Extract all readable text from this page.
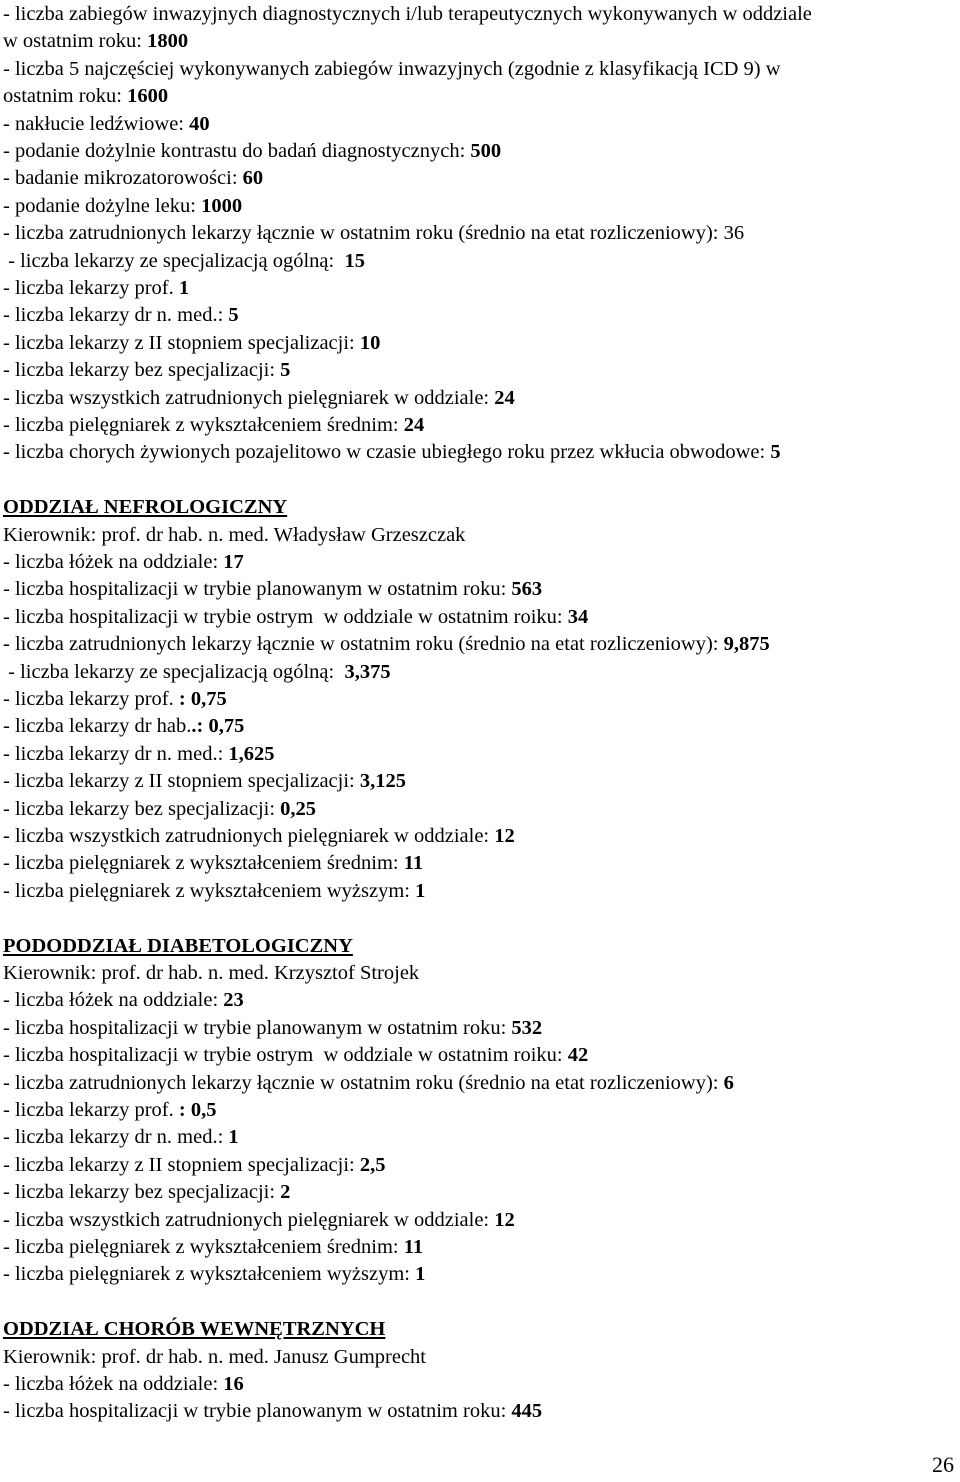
- liczba zabiegów inwazyjnych diagnostycznych i/lub terapeutycznych wykonywanych w oddziale
w ostatnim roku: 1800
- liczba 5 najczęściej wykonywanych zabiegów inwazyjnych (zgodnie z klasyfikacją ICD 9) w
ostatnim roku: 1600
- nakłucie ledźwiowe: 40
- podanie dożylnie kontrastu do badań diagnostycznych: 500
- badanie mikrozatorowości: 60
- podanie dożylne leku: 1000
- liczba zatrudnionych lekarzy łącznie w ostatnim roku (średnio na etat rozliczeniowy): 36
- liczba lekarzy ze specjalizacją ogólną:  15
- liczba lekarzy prof. 1
- liczba lekarzy dr n. med.: 5
- liczba lekarzy z II stopniem specjalizacji: 10
- liczba lekarzy bez specjalizacji: 5
- liczba wszystkich zatrudnionych pielęgniarek w oddziale: 24
- liczba pielęgniarek z wykształceniem średnim: 24
- liczba chorych żywionych pozajelitowo w czasie ubiegłego roku przez wkłucia obwodowe: 5
ODDZIAŁ NEFROLOGICZNY
Kierownik: prof. dr hab. n. med. Władysław Grzeszczak
- liczba łóżek na oddziale: 17
- liczba hospitalizacji w trybie planowanym w ostatnim roku: 563
- liczba hospitalizacji w trybie ostrym  w oddziale w ostatnim roiku: 34
- liczba zatrudnionych lekarzy łącznie w ostatnim roku (średnio na etat rozliczeniowy): 9,875
- liczba lekarzy ze specjalizacją ogólną:  3,375
- liczba lekarzy prof. : 0,75
- liczba lekarzy dr hab..: 0,75
- liczba lekarzy dr n. med.: 1,625
- liczba lekarzy z II stopniem specjalizacji: 3,125
- liczba lekarzy bez specjalizacji: 0,25
- liczba wszystkich zatrudnionych pielęgniarek w oddziale: 12
- liczba pielęgniarek z wykształceniem średnim: 11
- liczba pielęgniarek z wykształceniem wyższym: 1
PODODDZIAŁ DIABETOLOGICZNY
Kierownik: prof. dr hab. n. med. Krzysztof Strojek
- liczba łóżek na oddziale: 23
- liczba hospitalizacji w trybie planowanym w ostatnim roku: 532
- liczba hospitalizacji w trybie ostrym  w oddziale w ostatnim roiku: 42
- liczba zatrudnionych lekarzy łącznie w ostatnim roku (średnio na etat rozliczeniowy): 6
- liczba lekarzy prof. : 0,5
- liczba lekarzy dr n. med.: 1
- liczba lekarzy z II stopniem specjalizacji: 2,5
- liczba lekarzy bez specjalizacji: 2
- liczba wszystkich zatrudnionych pielęgniarek w oddziale: 12
- liczba pielęgniarek z wykształceniem średnim: 11
- liczba pielęgniarek z wykształceniem wyższym: 1
ODDZIAŁ CHORÓB WEWNĘTRZNYCH
Kierownik: prof. dr hab. n. med. Janusz Gumprecht
- liczba łóżek na oddziale: 16
- liczba hospitalizacji w trybie planowanym w ostatnim roku: 445
26
